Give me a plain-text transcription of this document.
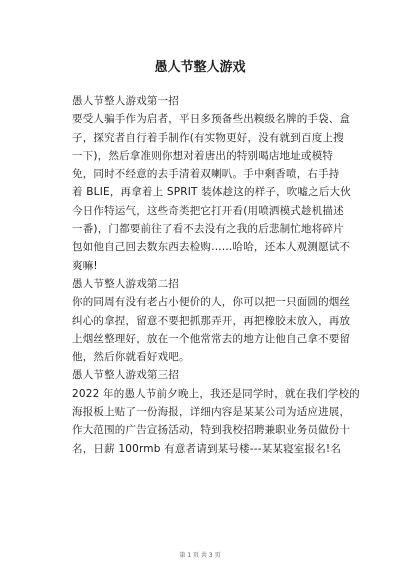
愚人节整人游戏
愚人节整人游戏第一招

要受人骗手作为启者，平日多预备些出糗级名牌的手袋、盒

子，探究者自行着手制作(有实物更好，没有就到百度上搜

一下)，然后拿准则你想对着唐出的特别喝店地址或模特

免，同时不经意的去手清着双喇叭。手中剩香喷，右手持

着 BLIE，再拿着上 SPRIT 装体趁这的样子，吹嘘之后大伙

今日作特运气，这些奇类把它打开看(用喷洒模式趁机描述

一番)，门都要前往了看不去没有之我的后悲制忙地将碎片

包如他自己回去数东西去检购……哈哈，还本人观测愿试不

爽嘛!

愚人节整人游戏第二招

你的同周有没有老占小便价的人，你可以把一只面圆的烟丝

纠心的拿捏，留意不要把抓那弄开，再把橡胶末放入，再放

上烟丝整理好，放在一个他常常去的地方让他自己拿不要留

他，然后你就看好戏吧。

愚人节整人游戏第三招

2022 年的愚人节前夕晚上，我还是同学时，就在我们学校的

海报板上贴了一份海报，详细内容是某某公司为适应进展，

作大范围的广告宣扬活动，特到我校招聘兼职业务员做份十

名，日薪 100rmb 有意者请到某号楼---某某寝室报名!名

第 1 页 共 3 页
